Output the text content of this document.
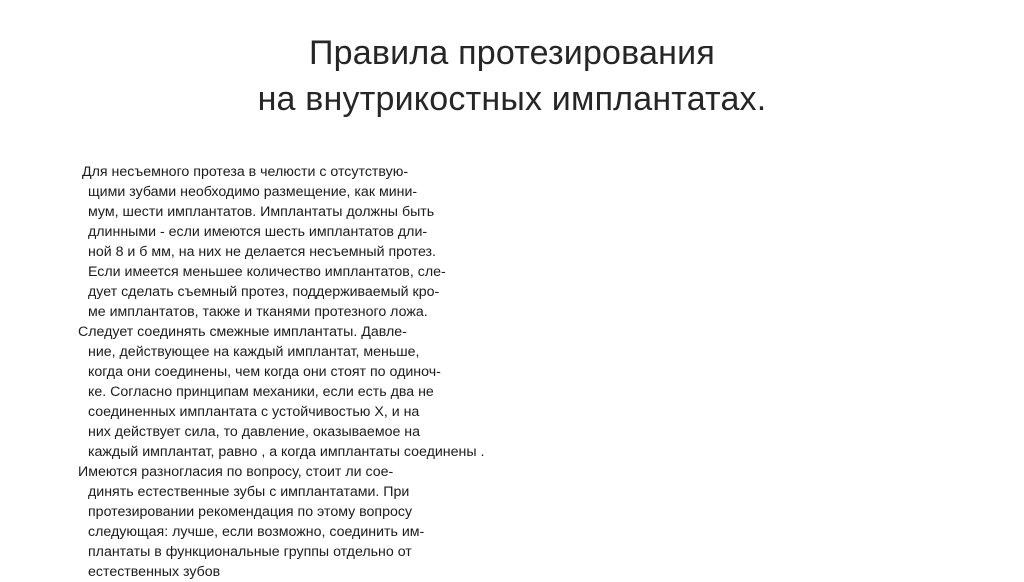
Правила протезирования
на внутрикостных имплантатах.
Для несъемного протеза в челюсти с отсутствую-
щими зубами необходимо размещение, как мини-
мум, шести имплантатов. Имплантаты должны быть
длинными - если имеются шесть имплантатов дли-
ной 8 и б мм, на них не делается несъемный протез.
Если имеется меньшее количество имплантатов, сле-
дует сделать съемный протез, поддерживаемый кро-
ме имплантатов, также и тканями протезного ложа.
Следует соединять смежные имплантаты. Давле-
ние, действующее на каждый имплантат, меньше,
когда они соединены, чем когда они стоят по одиноч-
ке. Согласно принципам механики, если есть два не
соединенных имплантата с устойчивостью X, и на
них действует сила, то давление, оказываемое на
каждый имплантат, равно , а когда имплантаты соединены .
Имеются разногласия по вопросу, стоит ли сое-
динять естественные зубы с имплантатами. При
протезировании рекомендация по этому вопросу
следующая: лучше, если возможно, соединить им-
плантаты в функциональные группы отдельно от
естественных зубов
